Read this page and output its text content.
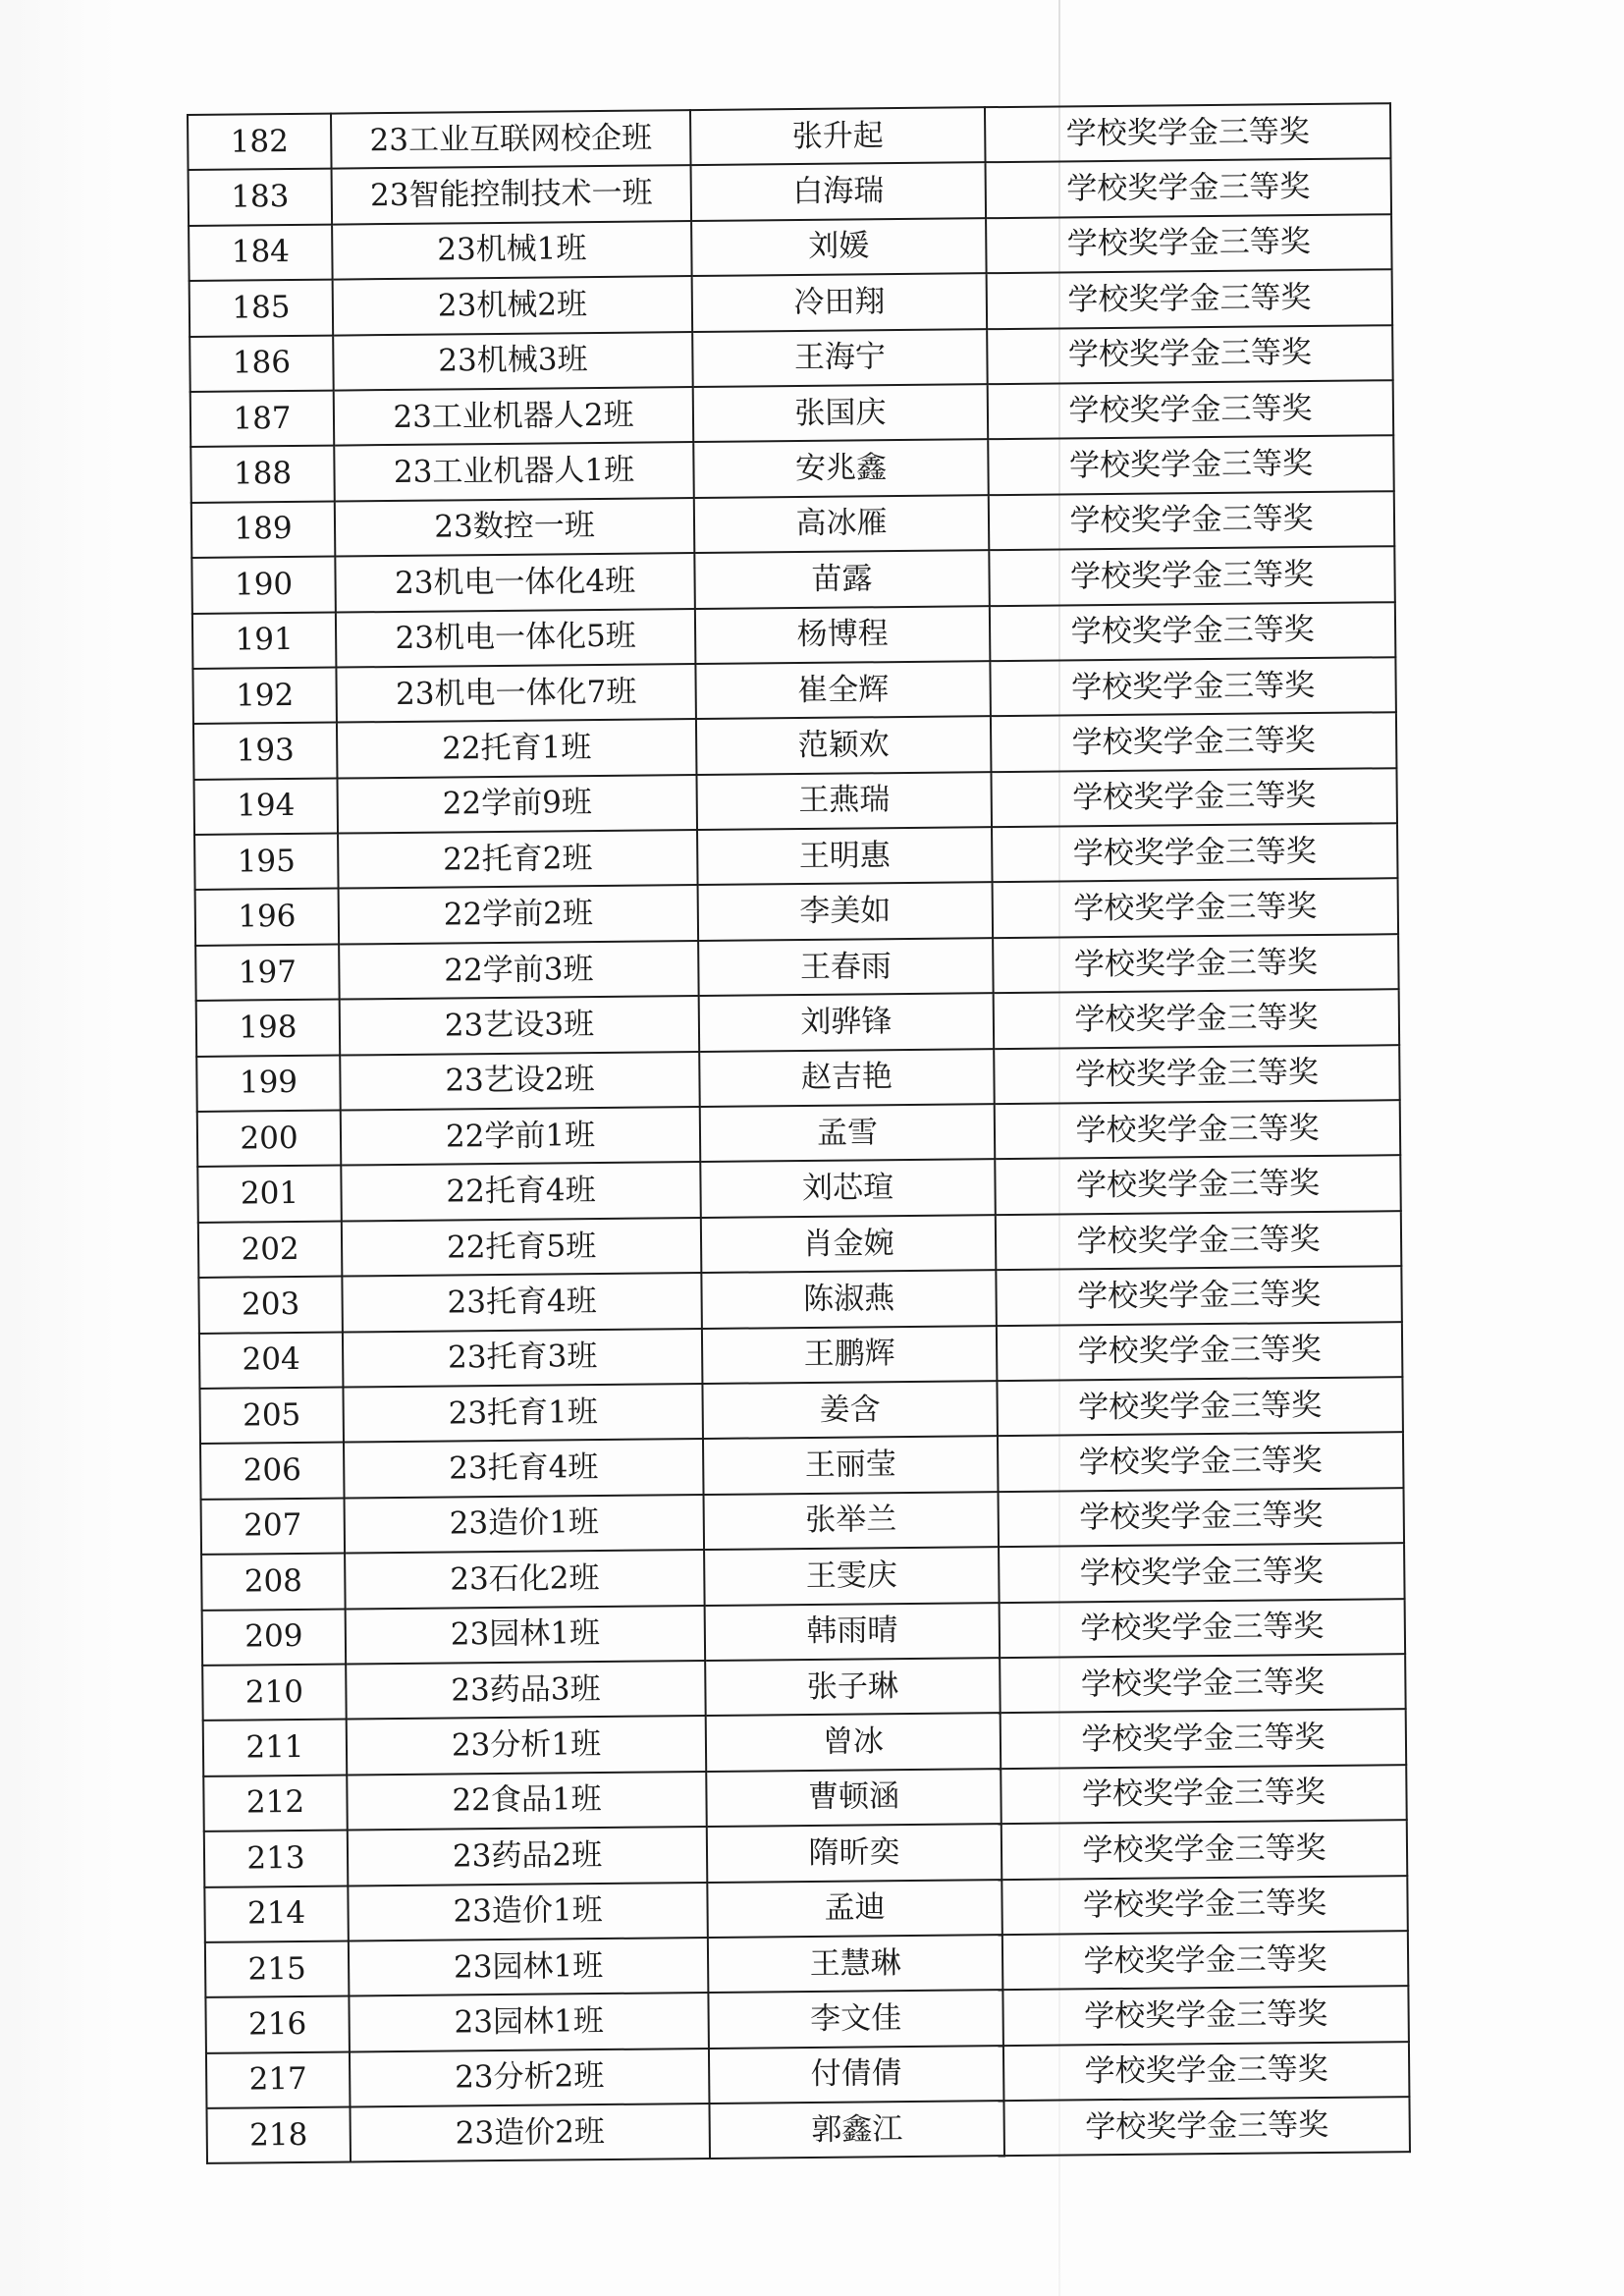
182	23工业互联网校企班	张升起	学校奖学金三等奖
183	23智能控制技术一班	白海瑞	学校奖学金三等奖
184	23机械1班	刘媛	学校奖学金三等奖
185	23机械2班	冷田翔	学校奖学金三等奖
186	23机械3班	王海宁	学校奖学金三等奖
187	23工业机器人2班	张国庆	学校奖学金三等奖
188	23工业机器人1班	安兆鑫	学校奖学金三等奖
189	23数控一班	高冰雁	学校奖学金三等奖
190	23机电一体化4班	苗露	学校奖学金三等奖
191	23机电一体化5班	杨博程	学校奖学金三等奖
192	23机电一体化7班	崔全辉	学校奖学金三等奖
193	22托育1班	范颖欢	学校奖学金三等奖
194	22学前9班	王燕瑞	学校奖学金三等奖
195	22托育2班	王明惠	学校奖学金三等奖
196	22学前2班	李美如	学校奖学金三等奖
197	22学前3班	王春雨	学校奖学金三等奖
198	23艺设3班	刘骅锋	学校奖学金三等奖
199	23艺设2班	赵吉艳	学校奖学金三等奖
200	22学前1班	孟雪	学校奖学金三等奖
201	22托育4班	刘芯瑄	学校奖学金三等奖
202	22托育5班	肖金婉	学校奖学金三等奖
203	23托育4班	陈淑燕	学校奖学金三等奖
204	23托育3班	王鹏辉	学校奖学金三等奖
205	23托育1班	姜含	学校奖学金三等奖
206	23托育4班	王丽莹	学校奖学金三等奖
207	23造价1班	张举兰	学校奖学金三等奖
208	23石化2班	王雯庆	学校奖学金三等奖
209	23园林1班	韩雨晴	学校奖学金三等奖
210	23药品3班	张子琳	学校奖学金三等奖
211	23分析1班	曾冰	学校奖学金三等奖
212	22食品1班	曹顿涵	学校奖学金三等奖
213	23药品2班	隋昕奕	学校奖学金三等奖
214	23造价1班	孟迪	学校奖学金三等奖
215	23园林1班	王慧琳	学校奖学金三等奖
216	23园林1班	李文佳	学校奖学金三等奖
217	23分析2班	付倩倩	学校奖学金三等奖
218	23造价2班	郭鑫江	学校奖学金三等奖
